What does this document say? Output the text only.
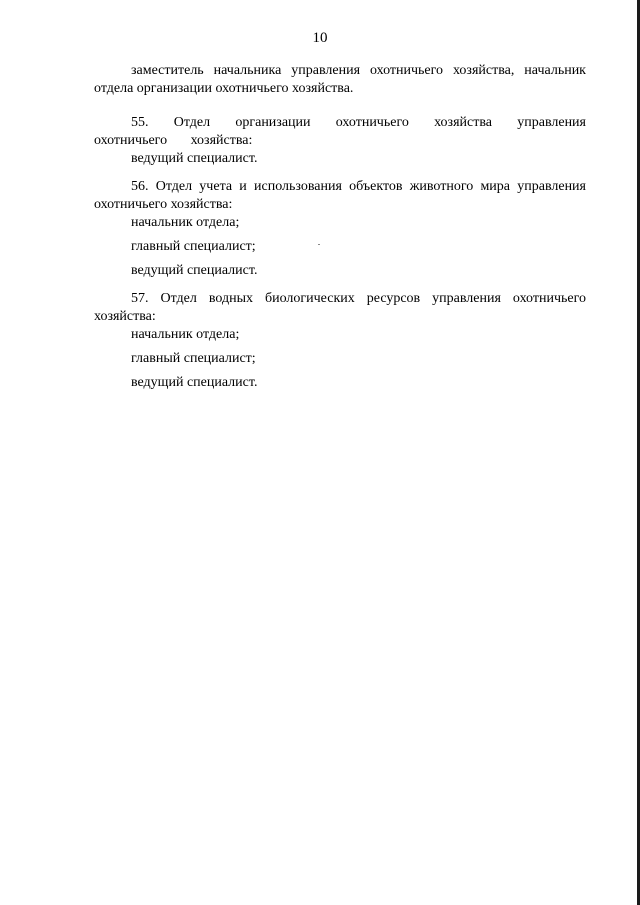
10

заместитель начальника управления охотничьего хозяйства, начальник отдела организации охотничьего хозяйства.

55. Отдел организации охотничьего хозяйства управления охотничьего хозяйства:

ведущий специалист.

56. Отдел учета и использования объектов животного мира управления охотничьего хозяйства:

начальник отдела;
главный специалист;
ведущий специалист.

57. Отдел водных биологических ресурсов управления охотничьего хозяйства:

начальник отдела;
главный специалист;
ведущий специалист.
